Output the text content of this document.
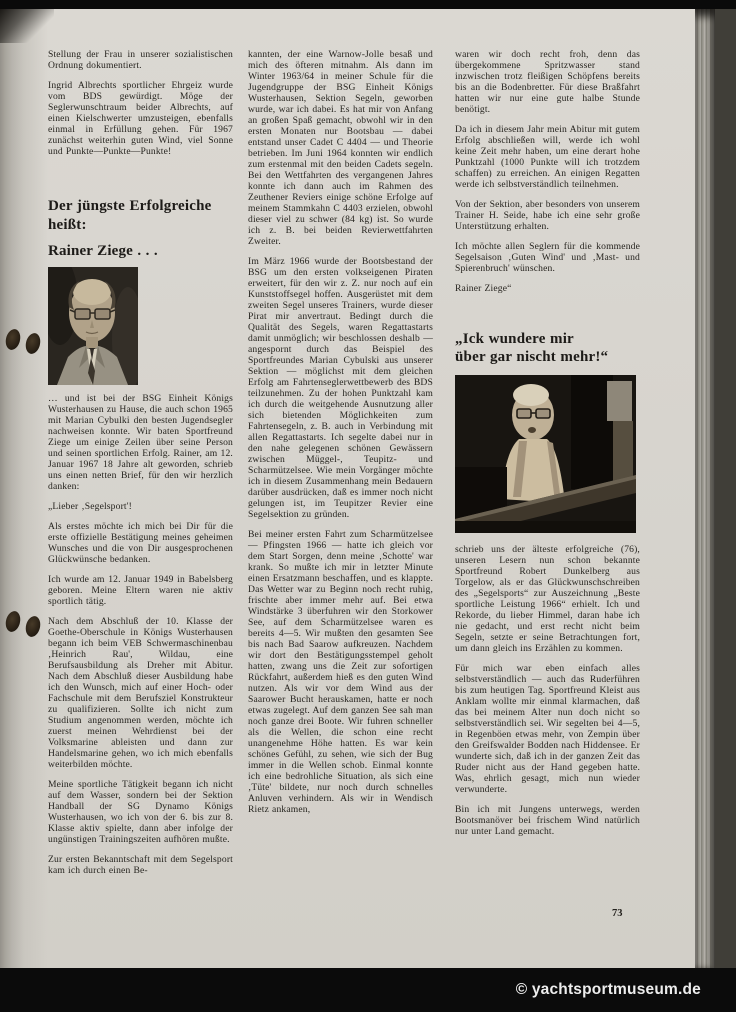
Stellung der Frau in unserer sozialistischen Ordnung dokumentiert.

Ingrid Albrechts sportlicher Ehrgeiz wurde vom BDS gewürdigt. Möge der Seglerwunschtraum beider Albrechts, auf einen Kielschwerter umzusteigen, ebenfalls einmal in Erfüllung gehen. Für 1967 zunächst weiterhin guten Wind, viel Sonne und Punkte—Punkte—Punkte!

Der jüngste Erfolgreiche heißt:
Rainer Ziege . . .

… und ist bei der BSG Einheit Königs Wusterhausen zu Hause, die auch schon 1965 mit Marian Cybulki den besten Jugendsegler nachweisen konnte. Wir baten Sportfreund Ziege um einige Zeilen über seine Person und seinen sportlichen Erfolg. Rainer, am 12. Januar 1967 18 Jahre alt geworden, schrieb uns einen netten Brief, für den wir herzlich danken:

„Lieber ‚Segelsport'!

Als erstes möchte ich mich bei Dir für die erste offizielle Bestätigung meines geheimen Wunsches und die von Dir ausgesprochenen Glückwünsche bedanken.

Ich wurde am 12. Januar 1949 in Babelsberg geboren. Meine Eltern waren nie aktiv sportlich tätig.

Nach dem Abschluß der 10. Klasse der Goethe-Oberschule in Königs Wusterhausen begann ich beim VEB Schwermaschinenbau ‚Heinrich Rau', Wildau, eine Berufsausbildung als Dreher mit Abitur. Nach dem Abschluß dieser Ausbildung habe ich den Wunsch, mich auf einer Hoch- oder Fachschule mit dem Berufsziel Konstrukteur zu qualifizieren. Sollte ich nicht zum Studium angenommen werden, möchte ich zuerst meinen Wehrdienst bei der Volksmarine ableisten und dann zur Handelsmarine gehen, wo ich mich ebenfalls weiterbilden möchte.

Meine sportliche Tätigkeit begann ich nicht auf dem Wasser, sondern bei der Sektion Handball der SG Dynamo Königs Wusterhausen, wo ich von der 6. bis zur 8. Klasse aktiv spielte, dann aber infolge der ungünstigen Trainingszeiten aufhören mußte.

Zur ersten Bekanntschaft mit dem Segelsport kam ich durch einen Be-

kannten, der eine Warnow-Jolle besaß und mich des öfteren mitnahm. Als dann im Winter 1963/64 in meiner Schule für die Jugendgruppe der BSG Einheit Königs Wusterhausen, Sektion Segeln, geworben wurde, war ich dabei. Es hat mir von Anfang an großen Spaß gemacht, obwohl wir in den ersten Monaten nur Bootsbau — dabei entstand unser Cadet C 4404 — und Theorie betrieben. Im Juni 1964 konnten wir endlich zum erstenmal mit den beiden Cadets segeln. Bei den Wettfahrten des vergangenen Jahres konnte ich dann auch im Rahmen des Zeuthener Reviers einige schöne Erfolge auf meinem Stammkahn C 4403 erzielen, obwohl dieser viel zu schwer (84 kg) ist. So wurde ich z. B. bei beiden Revierwettfahrten Zweiter.

Im März 1966 wurde der Bootsbestand der BSG um den ersten volkseigenen Piraten erweitert, für den wir z. Z. nur noch auf ein Kunststoffsegel hoffen. Ausgerüstet mit dem zweiten Segel unseres Trainers, wurde dieser Pirat mir anvertraut. Bedingt durch die Qualität des Segels, waren Regattastarts damit unmöglich; wir beschlossen deshalb — angespornt durch das Beispiel des Sportfreundes Marian Cybulski aus unserer Sektion — möglichst mit dem gleichen Erfolg am Fahrtenseglerwettbewerb des BDS teilzunehmen. Zu der hohen Punktzahl kam ich durch die weitgehende Ausnutzung aller sich bietenden Möglichkeiten zum Fahrtensegeln, z. B. auch in Verbindung mit allen Regattastarts. Ich segelte dabei nur in den nahe gelegenen schönen Gewässern zwischen Müggel-, Teupitz- und Scharmützelsee. Wie mein Vorgänger möchte ich in diesem Zusammenhang mein Bedauern darüber ausdrücken, daß es immer noch nicht gelungen ist, im Teupitzer Revier eine Segelsektion zu gründen.

Bei meiner ersten Fahrt zum Scharmützelsee — Pfingsten 1966 — hatte ich gleich vor dem Start Sorgen, denn meine ‚Schotte' war krank. So mußte ich mir in letzter Minute einen Ersatzmann beschaffen, und es klappte. Das Wetter war zu Beginn noch recht ruhig, frischte aber immer mehr auf. Bei etwa Windstärke 3 überfuhren wir den Storkower See, auf dem Scharmützelsee waren es bereits 4—5. Wir mußten den gesamten See bis nach Bad Saarow aufkreuzen. Nachdem wir dort den Bestätigungsstempel geholt hatten, zwang uns die Zeit zur sofortigen Rückfahrt, außerdem hieß es den guten Wind nutzen. Als wir vor dem Wind aus der Saarower Bucht herauskamen, hatte er noch etwas zugelegt. Auf dem ganzen See sah man noch ganze drei Boote. Wir fuhren schneller als die Wellen, die schon eine recht unangenehme Höhe hatten. Es war kein schönes Gefühl, zu sehen, wie sich der Bug immer in die Wellen schob. Einmal konnte ich eine bedrohliche Situation, als sich eine ‚Tüte' bildete, nur noch durch schnelles Anluven verhindern. Als wir in Wendisch Rietz ankamen,

waren wir doch recht froh, denn das übergekommene Spritzwasser stand inzwischen trotz fleißigen Schöpfens bereits bis an die Bodenbretter. Für diese Braßfahrt hatten wir nur eine gute halbe Stunde benötigt.

Da ich in diesem Jahr mein Abitur mit gutem Erfolg abschließen will, werde ich wohl keine Zeit mehr haben, um eine derart hohe Punktzahl (1000 Punkte will ich trotzdem schaffen) zu erreichen. An einigen Regatten werde ich selbstverständlich teilnehmen.

Von der Sektion, aber besonders von unserem Trainer H. Seide, habe ich eine sehr große Unterstützung erhalten.

Ich möchte allen Seglern für die kommende Segelsaison ‚Guten Wind' und ‚Mast- und Spierenbruch' wünschen.

Rainer Ziege“

„Ick wundere mir
über gar nischt mehr!“

schrieb uns der älteste erfolgreiche (76), unseren Lesern nun schon bekannte Sportfreund Robert Dunkelberg aus Torgelow, als er das Glückwunschschreiben des „Segelsports“ zur Auszeichnung „Beste sportliche Leistung 1966“ erhielt. Ich und Rekorde, du lieber Himmel, daran habe ich nie gedacht, und erst recht nicht beim Segeln, setzte er seine Betrachtungen fort, um dann gleich ins Erzählen zu kommen.

Für mich war eben einfach alles selbstverständlich — auch das Ruderführen bis zum heutigen Tag. Sportfreund Kleist aus Anklam wollte mir einmal klarmachen, daß das bei meinem Alter nun doch nicht so selbstverständlich sei. Wir segelten bei 4—5, in Regenböen etwas mehr, von Zempin über den Greifswalder Bodden nach Hiddensee. Er wunderte sich, daß ich in der ganzen Zeit das Ruder nicht aus der Hand gegeben hatte. Was, ehrlich gesagt, mich nun wieder verwunderte.

Bin ich mit Jungens unterwegs, werden Bootsmanöver bei frischem Wind natürlich nur unter Land gemacht.

73
© yachtsportmuseum.de
